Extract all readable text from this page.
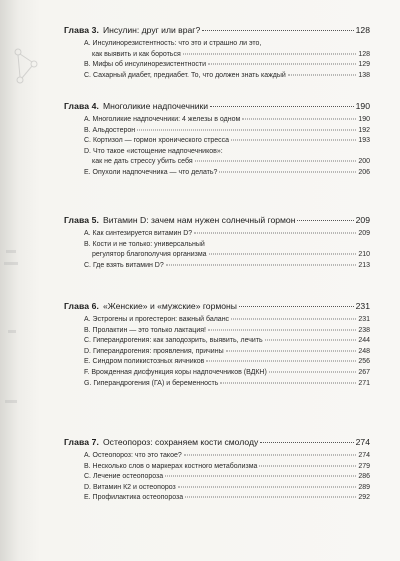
Глава 3. Инсулин: друг или враг?	128
A. Инсулинорезистентность: что это и страшно ли это,
как выявить и как бороться	128
B. Мифы об инсулинорезистентности	129
C. Сахарный диабет, предиабет. То, что должен знать каждый	138
Глава 4. Многоликие надпочечники	190
A. Многоликие надпочечники: 4 железы в одном	190
B. Альдостерон	192
C. Кортизол — гормон хронического стресса	193
D. Что такое «истощение надпочечников»:
как не дать стрессу убить себя	200
E. Опухоли надпочечника — что делать?	206
Глава 5. Витамин D: зачем нам нужен солнечный гормон	209
A. Как синтезируется витамин D?	209
B. Кости и не только: универсальный
регулятор благополучия организма	210
C. Где взять витамин D?	213
Глава 6. «Женские» и «мужские» гормоны	231
A. Эстрогены и прогестерон: важный баланс	231
B. Пролактин — это только лактация!	238
C. Гиперандрогения: как заподозрить, выявить, лечить	244
D. Гиперандрогения: проявления, причины	248
E. Синдром поликистозных яичников	256
F. Врожденная дисфункция коры надпочечников (ВДКН)	267
G. Гиперандрогения (ГА) и беременность	271
Глава 7. Остеопороз: сохраняем кости смолоду	274
A. Остеопороз: что это такое?	274
B. Несколько слов о маркерах костного метаболизма	279
C. Лечение остеопороза	286
D. Витамин К2 и остеопороз	289
E. Профилактика остеопороза	292
